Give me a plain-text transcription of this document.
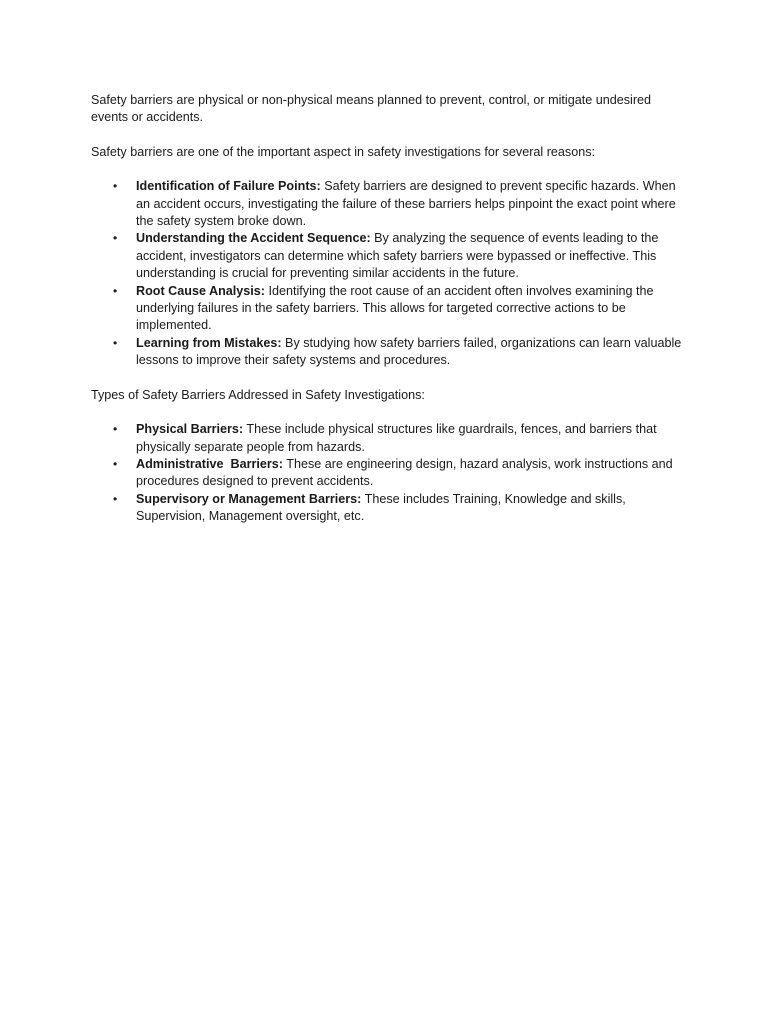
Safety barriers are physical or non-physical means planned to prevent, control, or mitigate undesired events or accidents.

Safety barriers are one of the important aspect in safety investigations for several reasons:

• Identification of Failure Points: Safety barriers are designed to prevent specific hazards. When an accident occurs, investigating the failure of these barriers helps pinpoint the exact point where the safety system broke down.
• Understanding the Accident Sequence: By analyzing the sequence of events leading to the accident, investigators can determine which safety barriers were bypassed or ineffective. This understanding is crucial for preventing similar accidents in the future.
• Root Cause Analysis: Identifying the root cause of an accident often involves examining the underlying failures in the safety barriers. This allows for targeted corrective actions to be implemented.
• Learning from Mistakes: By studying how safety barriers failed, organizations can learn valuable lessons to improve their safety systems and procedures.

Types of Safety Barriers Addressed in Safety Investigations:

• Physical Barriers: These include physical structures like guardrails, fences, and barriers that physically separate people from hazards.
• Administrative  Barriers: These are engineering design, hazard analysis, work instructions and procedures designed to prevent accidents.
• Supervisory or Management Barriers: These includes Training, Knowledge and skills, Supervision, Management oversight, etc.
